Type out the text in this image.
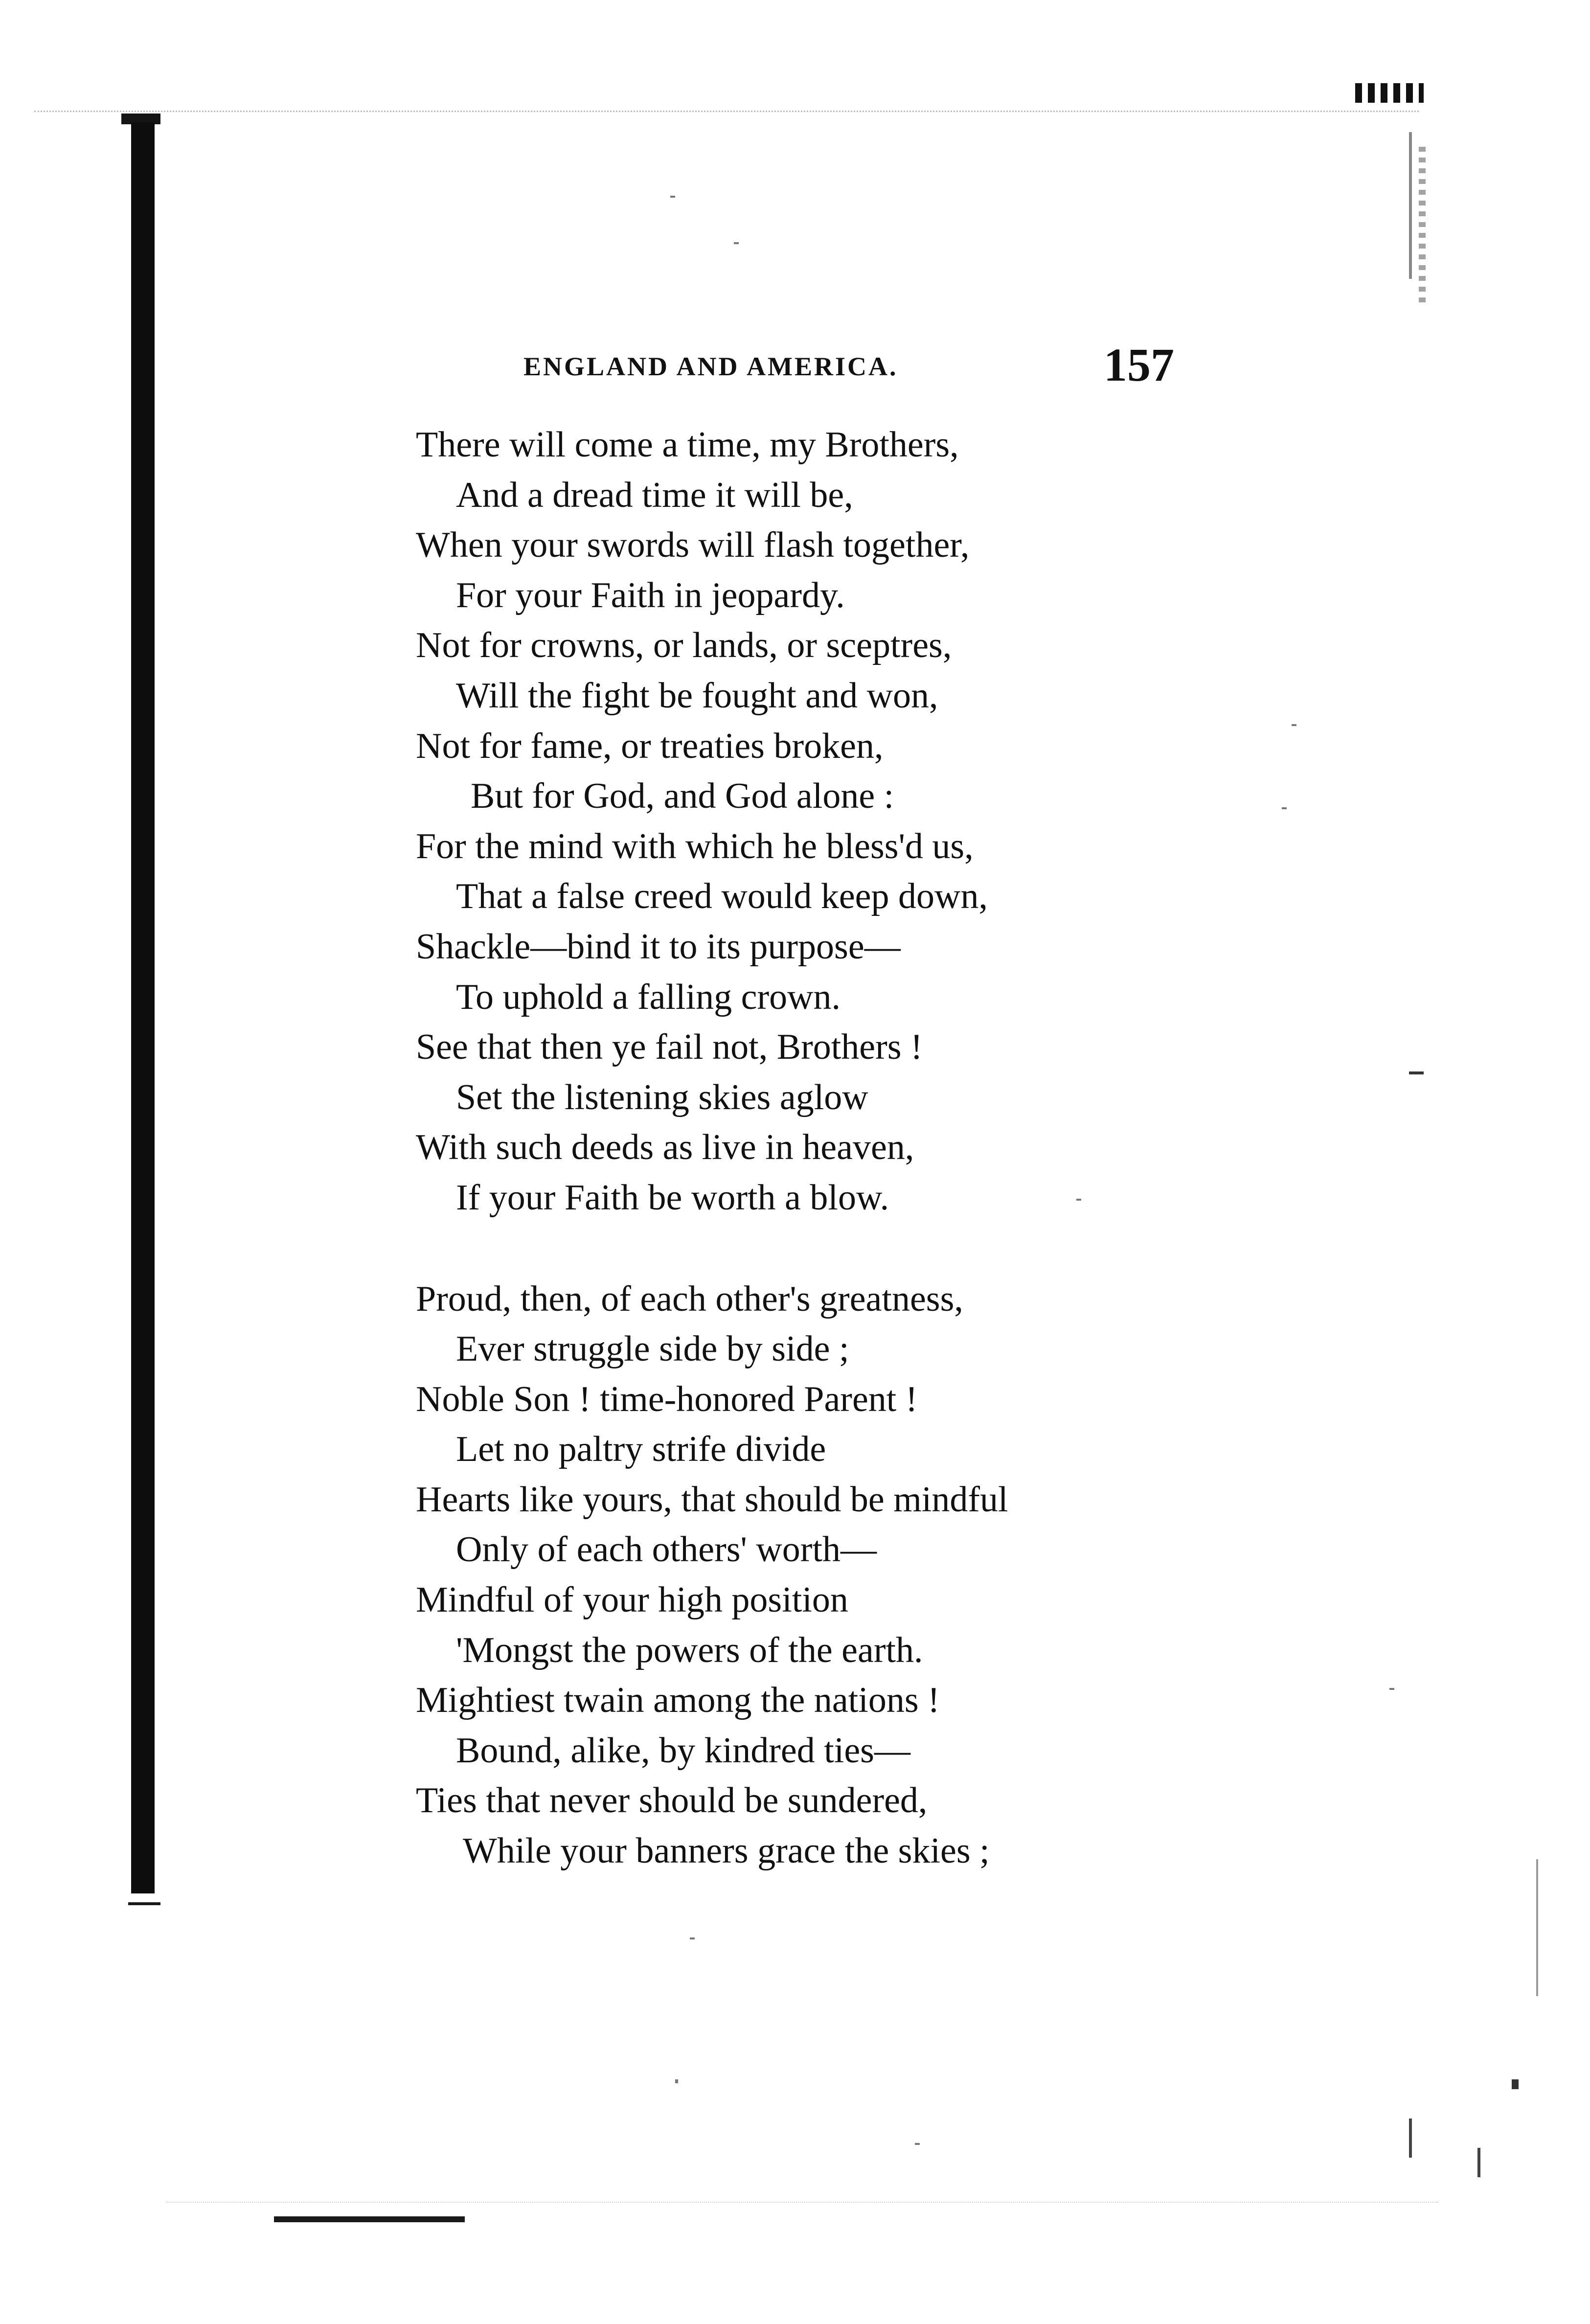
ENGLAND AND AMERICA.	157
There will come a time, my Brothers,
And a dread time it will be,
When your swords will flash together,
For your Faith in jeopardy.
Not for crowns, or lands, or sceptres,
Will the fight be fought and won,
Not for fame, or treaties broken,
But for God, and God alone :
For the mind with which he bless'd us,
That a false creed would keep down,
Shackle—bind it to its purpose—
To uphold a falling crown.
See that then ye fail not, Brothers !
Set the listening skies aglow
With such deeds as live in heaven,
If your Faith be worth a blow.
Proud, then, of each other's greatness,
Ever struggle side by side ;
Noble Son ! time-honored Parent !
Let no paltry strife divide
Hearts like yours, that should be mindful
Only of each others' worth—
Mindful of your high position
'Mongst the powers of the earth.
Mightiest twain among the nations !
Bound, alike, by kindred ties—
Ties that never should be sundered,
While your banners grace the skies ;
